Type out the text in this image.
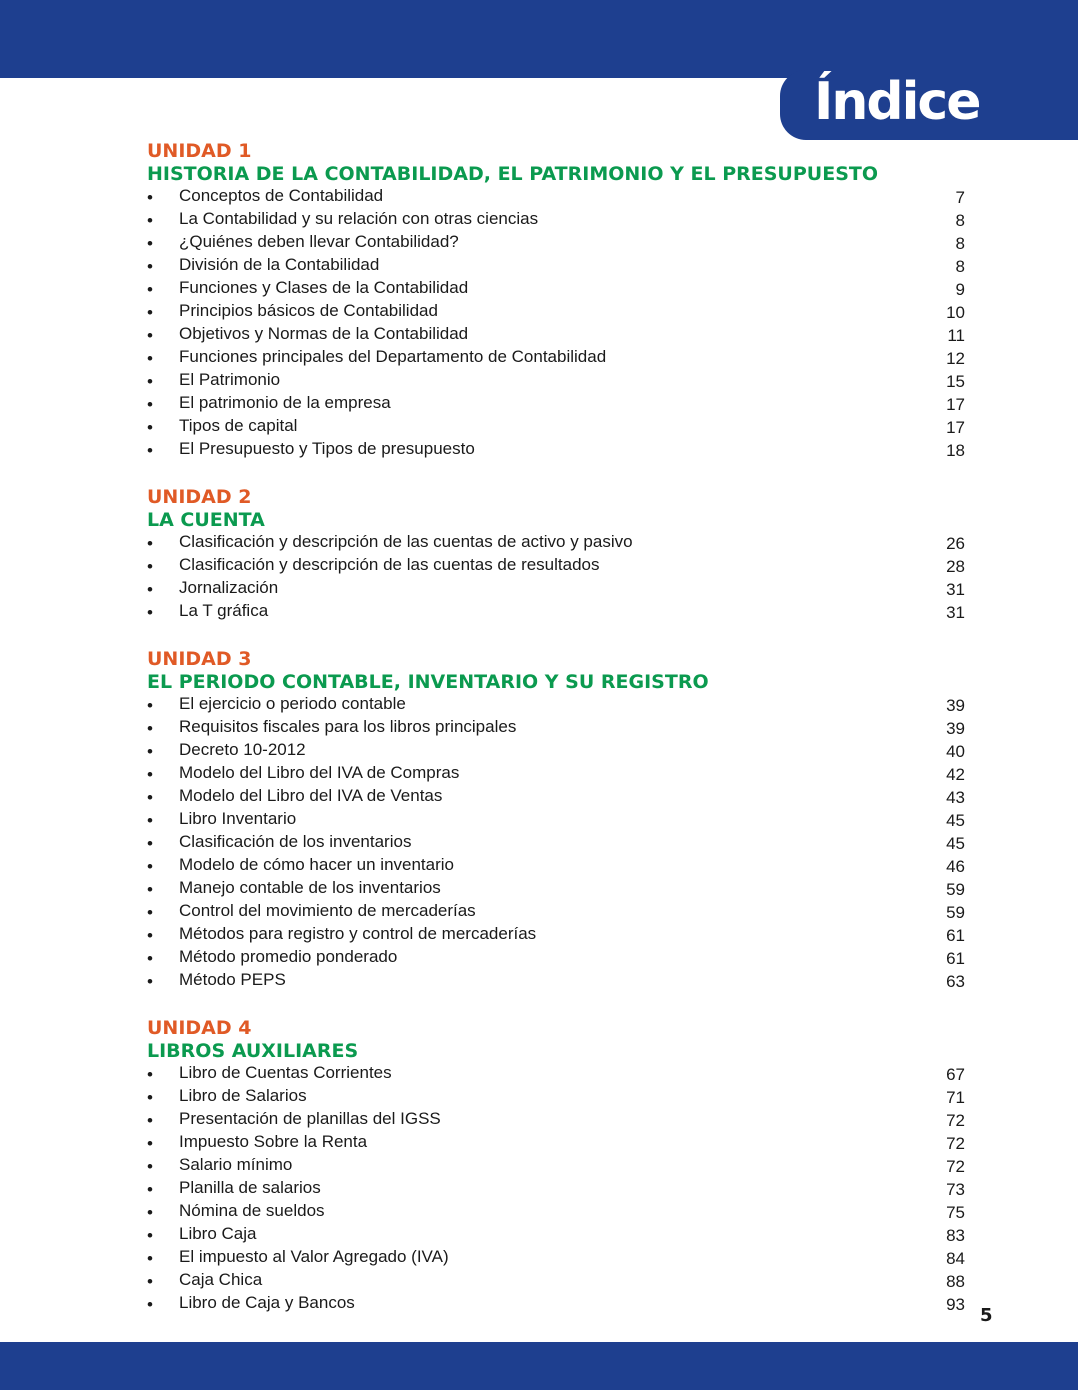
Índice
UNIDAD 1
HISTORIA DE LA CONTABILIDAD, EL PATRIMONIO Y EL PRESUPUESTO
• Conceptos de Contabilidad	7
• La Contabilidad y su relación con otras ciencias	8
• ¿Quiénes deben llevar Contabilidad?	8
• División de la Contabilidad	8
• Funciones y Clases de la Contabilidad	9
• Principios básicos de Contabilidad	10
• Objetivos y Normas de la Contabilidad	11
• Funciones principales del Departamento de Contabilidad	12
• El Patrimonio	15
• El patrimonio de la empresa	17
• Tipos de capital	17
• El Presupuesto y Tipos de presupuesto	18
UNIDAD 2
LA CUENTA
• Clasificación y descripción de las cuentas de activo y pasivo	26
• Clasificación y descripción de las cuentas de resultados	28
• Jornalización	31
• La T gráfica	31
UNIDAD 3
EL PERIODO CONTABLE, INVENTARIO Y SU REGISTRO
• El ejercicio o periodo contable	39
• Requisitos fiscales para los libros principales	39
• Decreto 10-2012	40
• Modelo del Libro del IVA de Compras	42
• Modelo del Libro del IVA de Ventas	43
• Libro Inventario	45
• Clasificación de los inventarios	45
• Modelo de cómo hacer un inventario	46
• Manejo contable de los inventarios	59
• Control del movimiento de mercaderías	59
• Métodos para registro y control de mercaderías	61
• Método promedio ponderado	61
• Método PEPS	63
UNIDAD 4
LIBROS AUXILIARES
• Libro de Cuentas Corrientes	67
• Libro de Salarios	71
• Presentación de planillas del IGSS	72
• Impuesto Sobre la Renta	72
• Salario mínimo	72
• Planilla de salarios	73
• Nómina de sueldos	75
• Libro Caja	83
• El impuesto al Valor Agregado (IVA)	84
• Caja Chica	88
• Libro de Caja y Bancos	93
5
